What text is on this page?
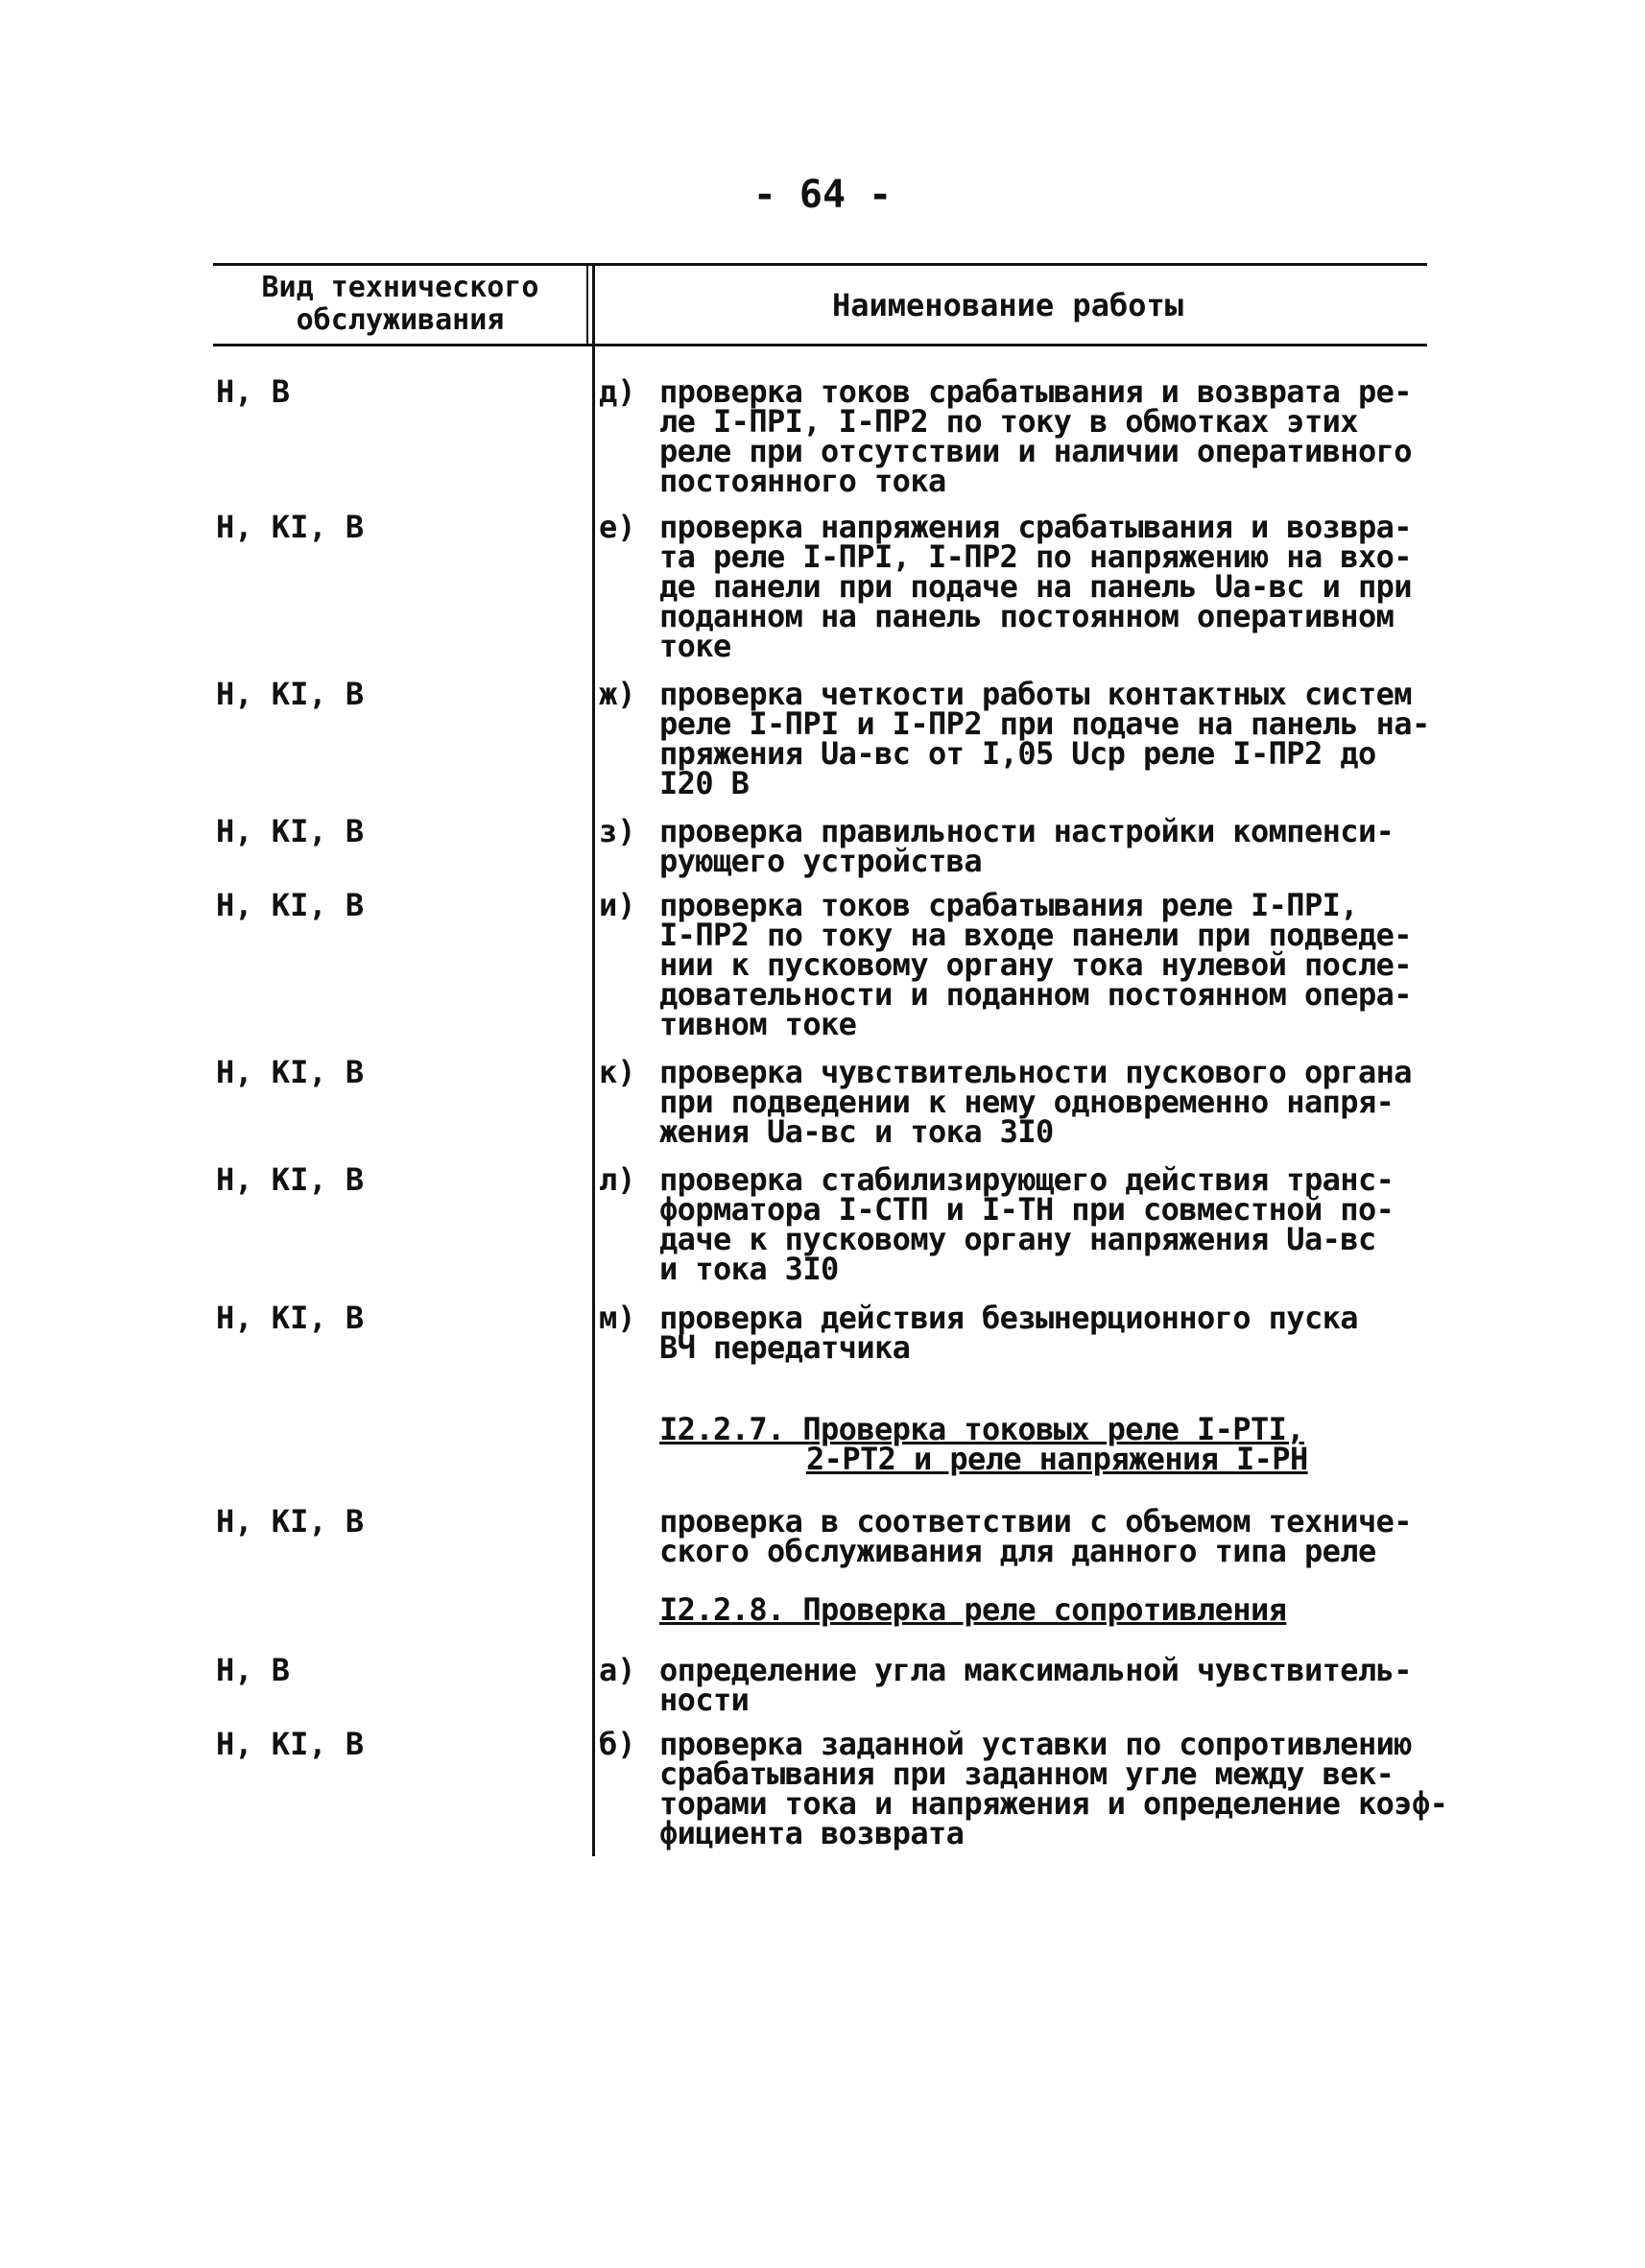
- 64 -
Вид технического
обслуживания	Наименование работы
Н, В	д) проверка токов срабатывания и возврата ре-
ле I-ПРI, I-ПР2 по току в обмотках этих
реле при отсутствии и наличии оперативного
постоянного тока
Н, КI, В	е) проверка напряжения срабатывания и возвра-
та реле I-ПРI, I-ПР2 по напряжению на вхо-
де панели при подаче на панель Uа-вс и при
поданном на панель постоянном оперативном
токе
Н, КI, В	ж) проверка четкости работы контактных систем
реле I-ПРI и I-ПР2 при подаче на панель на-
пряжения Uа-вс от I,05 Uср реле I-ПР2 до
I20 В
Н, КI, В	з) проверка правильности настройки компенси-
рующего устройства
Н, КI, В	и) проверка токов срабатывания реле I-ПРI,
I-ПР2 по току на входе панели при подведе-
нии к пусковому органу тока нулевой после-
довательности и поданном постоянном опера-
тивном токе
Н, КI, В	к) проверка чувствительности пускового органа
при подведении к нему одновременно напря-
жения Uа-вс и тока 3I0
Н, КI, В	л) проверка стабилизирующего действия транс-
форматора I-СТП и I-ТН при совместной по-
даче к пусковому органу напряжения Uа-вс
и тока 3I0
Н, КI, В	м) проверка действия безынерционного пуска
ВЧ передатчика
I2.2.7. Проверка токовых реле I-РТI,
2-РТ2 и реле напряжения I-РН
Н, КI, В	проверка в соответствии с объемом техниче-
ского обслуживания для данного типа реле
I2.2.8. Проверка реле сопротивления
Н, В	а) определение угла максимальной чувствитель-
ности
Н, КI, В	б) проверка заданной уставки по сопротивлению
срабатывания при заданном угле между век-
торами тока и напряжения и определение коэф-
фициента возврата
